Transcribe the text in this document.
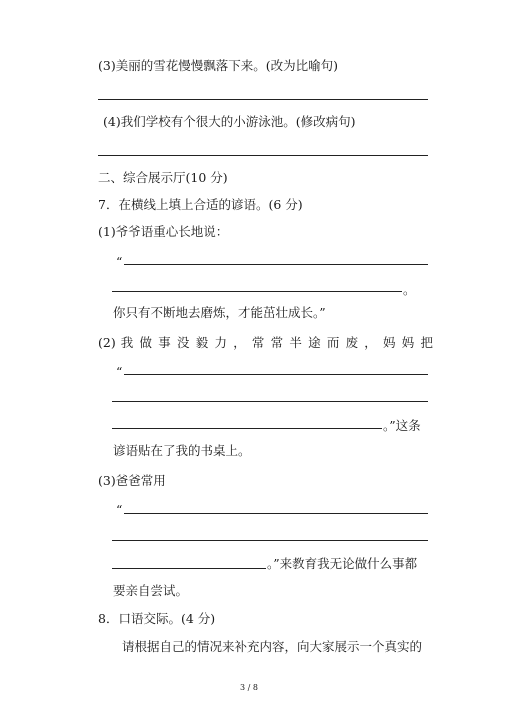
(3)美丽的雪花慢慢飘落下来。(改为比喻句)
(4)我们学校有个很大的小游泳池。(修改病句)
二、综合展示厅(10 分)
7．在横线上填上合适的谚语。(6 分)
(1)爷爷语重心长地说：
“
。
你只有不断地去磨炼，才能茁壮成长。”
(2) 我 做 事 没 毅 力 ， 常 常 半 途 而 废 ， 妈 妈 把
“
。”这条
谚语贴在了我的书桌上。
(3)爸爸常用
“
。”来教育我无论做什么事都
要亲自尝试。
8．口语交际。(4 分)
请根据自己的情况来补充内容，向大家展示一个真实的
3 / 8
